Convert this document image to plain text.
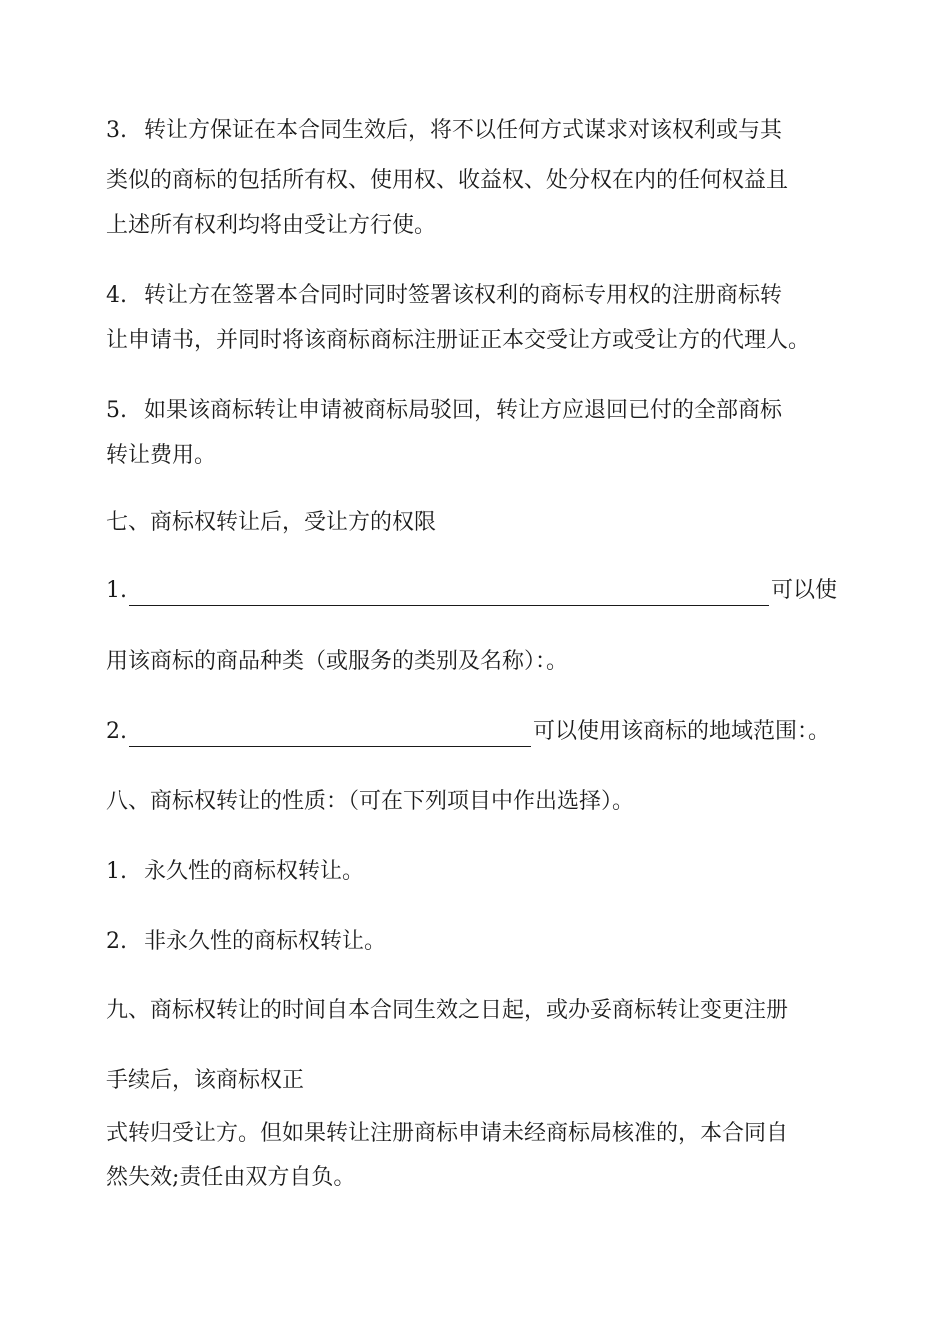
3. 转让方保证在本合同生效后，将不以任何方式谋求对该权利或与其
类似的商标的包括所有权、使用权、收益权、处分权在内的任何权益且
上述所有权利均将由受让方行使。
4. 转让方在签署本合同时同时签署该权利的商标专用权的注册商标转
让申请书，并同时将该商标商标注册证正本交受让方或受让方的代理人。
5. 如果该商标转让申请被商标局驳回，转让方应退回已付的全部商标
转让费用。
七、商标权转让后，受让方的权限
1.	可以使
用该商标的商品种类（或服务的类别及名称）：。
2.	可以使用该商标的地域范围：。
八、商标权转让的性质：（可在下列项目中作出选择）。
1. 永久性的商标权转让。
2. 非永久性的商标权转让。
九、商标权转让的时间自本合同生效之日起，或办妥商标转让变更注册
手续后，该商标权正
式转归受让方。但如果转让注册商标申请未经商标局核准的，本合同自
然失效;责任由双方自负。
